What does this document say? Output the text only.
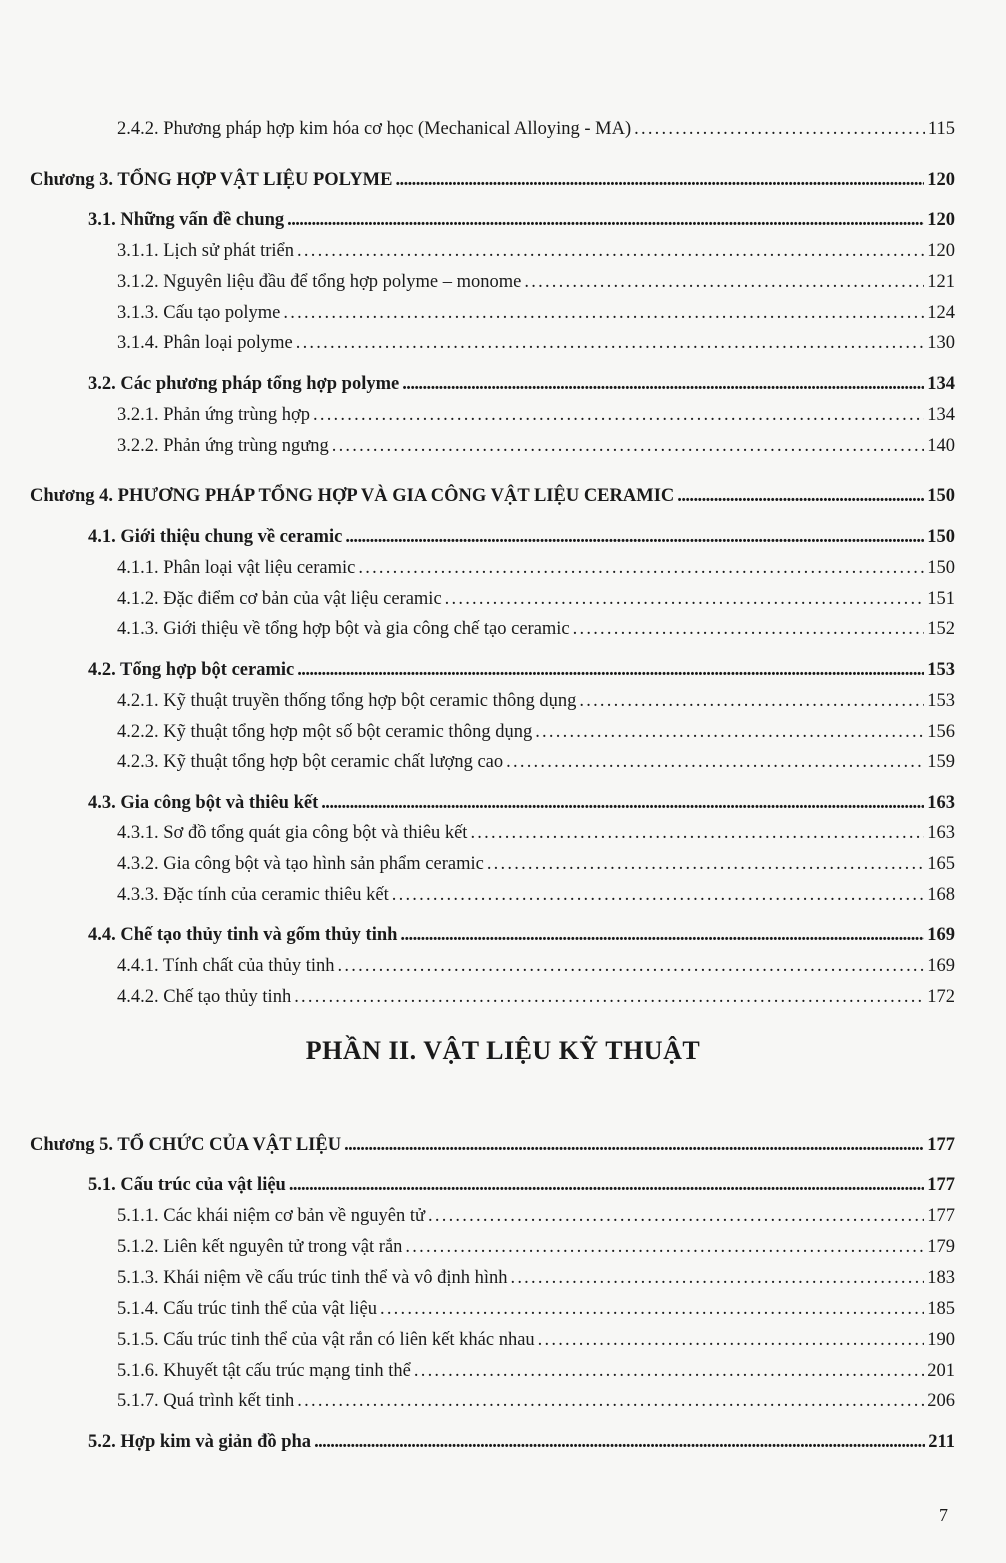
2.4.2. Phương pháp hợp kim hóa cơ học (Mechanical Alloying - MA) . . .	115
Chương 3. TỔNG HỢP VẬT LIỆU POLYME . . .	120
3.1. Những vấn đề chung . . .	120
3.1.1. Lịch sử phát triển . . .	120
3.1.2. Nguyên liệu đầu để tổng hợp polyme – monome . . .	121
3.1.3. Cấu tạo polyme . . .	124
3.1.4. Phân loại polyme . . .	130
3.2. Các phương pháp tổng hợp polyme . . .	134
3.2.1. Phản ứng trùng hợp . . .	134
3.2.2. Phản ứng trùng ngưng . . .	140
Chương 4. PHƯƠNG PHÁP TỔNG HỢP VÀ GIA CÔNG VẬT LIỆU CERAMIC . . .	150
4.1. Giới thiệu chung về ceramic . . .	150
4.1.1. Phân loại vật liệu ceramic . . .	150
4.1.2. Đặc điểm cơ bản của vật liệu ceramic . . .	151
4.1.3. Giới thiệu về tổng hợp bột và gia công chế tạo ceramic . . .	152
4.2. Tổng hợp bột ceramic . . .	153
4.2.1. Kỹ thuật truyền thống tổng hợp bột ceramic thông dụng . . .	153
4.2.2. Kỹ thuật tổng hợp một số bột ceramic thông dụng . . .	156
4.2.3. Kỹ thuật tổng hợp bột ceramic chất lượng cao . . .	159
4.3. Gia công bột và thiêu kết . . .	163
4.3.1. Sơ đồ tổng quát gia công bột và thiêu kết . . .	163
4.3.2. Gia công bột và tạo hình sản phẩm ceramic . . .	165
4.3.3. Đặc tính của ceramic thiêu kết . . .	168
4.4. Chế tạo thủy tinh và gốm thủy tinh . . .	169
4.4.1. Tính chất của thủy tinh . . .	169
4.4.2. Chế tạo thủy tinh . . .	172
PHẦN II. VẬT LIỆU KỸ THUẬT
Chương 5. TỔ CHỨC CỦA VẬT LIỆU . . .	177
5.1. Cấu trúc của vật liệu . . .	177
5.1.1. Các khái niệm cơ bản về nguyên tử . . .	177
5.1.2. Liên kết nguyên tử trong vật rắn . . .	179
5.1.3. Khái niệm về cấu trúc tinh thể và vô định hình . . .	183
5.1.4. Cấu trúc tinh thể của vật liệu . . .	185
5.1.5. Cấu trúc tinh thể của vật rắn có liên kết khác nhau . . .	190
5.1.6. Khuyết tật cấu trúc mạng tinh thể . . .	201
5.1.7. Quá trình kết tinh . . .	206
5.2. Hợp kim và giản đồ pha . . .	211
7
